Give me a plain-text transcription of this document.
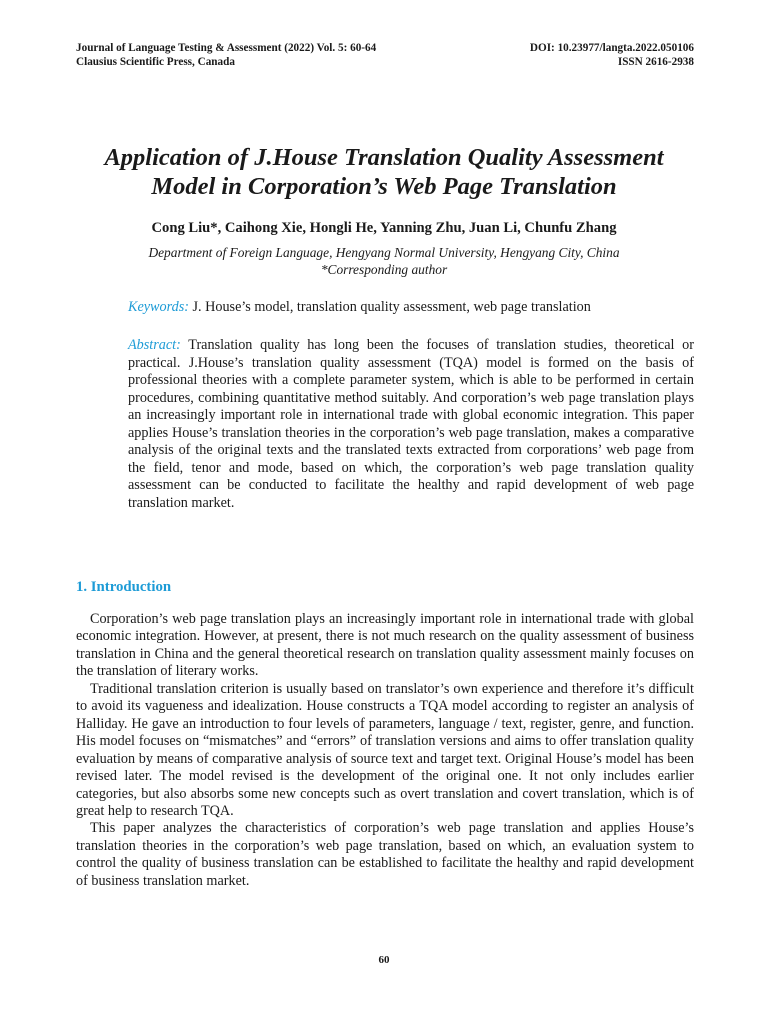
Journal of Language Testing & Assessment (2022) Vol. 5: 60-64
Clausius Scientific Press, Canada
DOI: 10.23977/langta.2022.050106
ISSN 2616-2938
Application of J.House Translation Quality Assessment
Model in Corporation’s Web Page Translation

Cong Liu*, Caihong Xie, Hongli He, Yanning Zhu, Juan Li, Chunfu Zhang

Department of Foreign Language, Hengyang Normal University, Hengyang City, China
*Corresponding author

Keywords: J. House’s model, translation quality assessment, web page translation

Abstract: Translation quality has long been the focuses of translation studies, theoretical or practical. J.House’s translation quality assessment (TQA) model is formed on the basis of professional theories with a complete parameter system, which is able to be performed in certain procedures, combining quantitative method suitably. And corporation’s web page translation plays an increasingly important role in international trade with global economic integration. This paper applies House’s translation theories in the corporation’s web page translation, makes a comparative analysis of the original texts and the translated texts extracted from corporations’ web page from the field, tenor and mode, based on which, the corporation’s web page translation quality assessment can be conducted to facilitate the healthy and rapid development of web page translation market.

1. Introduction

Corporation’s web page translation plays an increasingly important role in international trade with global economic integration. However, at present, there is not much research on the quality assessment of business translation in China and the general theoretical research on translation quality assessment mainly focuses on the translation of literary works.

Traditional translation criterion is usually based on translator’s own experience and therefore it’s difficult to avoid its vagueness and idealization. House constructs a TQA model according to register an analysis of Halliday. He gave an introduction to four levels of parameters, language / text, register, genre, and function. His model focuses on “mismatches” and “errors” of translation versions and aims to offer translation quality evaluation by means of comparative analysis of source text and target text. Original House’s model has been revised later. The model revised is the development of the original one. It not only includes earlier categories, but also absorbs some new concepts such as overt translation and covert translation, which is of great help to research TQA.

This paper analyzes the characteristics of corporation’s web page translation and applies House’s translation theories in the corporation’s web page translation, based on which, an evaluation system to control the quality of business translation can be established to facilitate the healthy and rapid development of business translation market.

60
